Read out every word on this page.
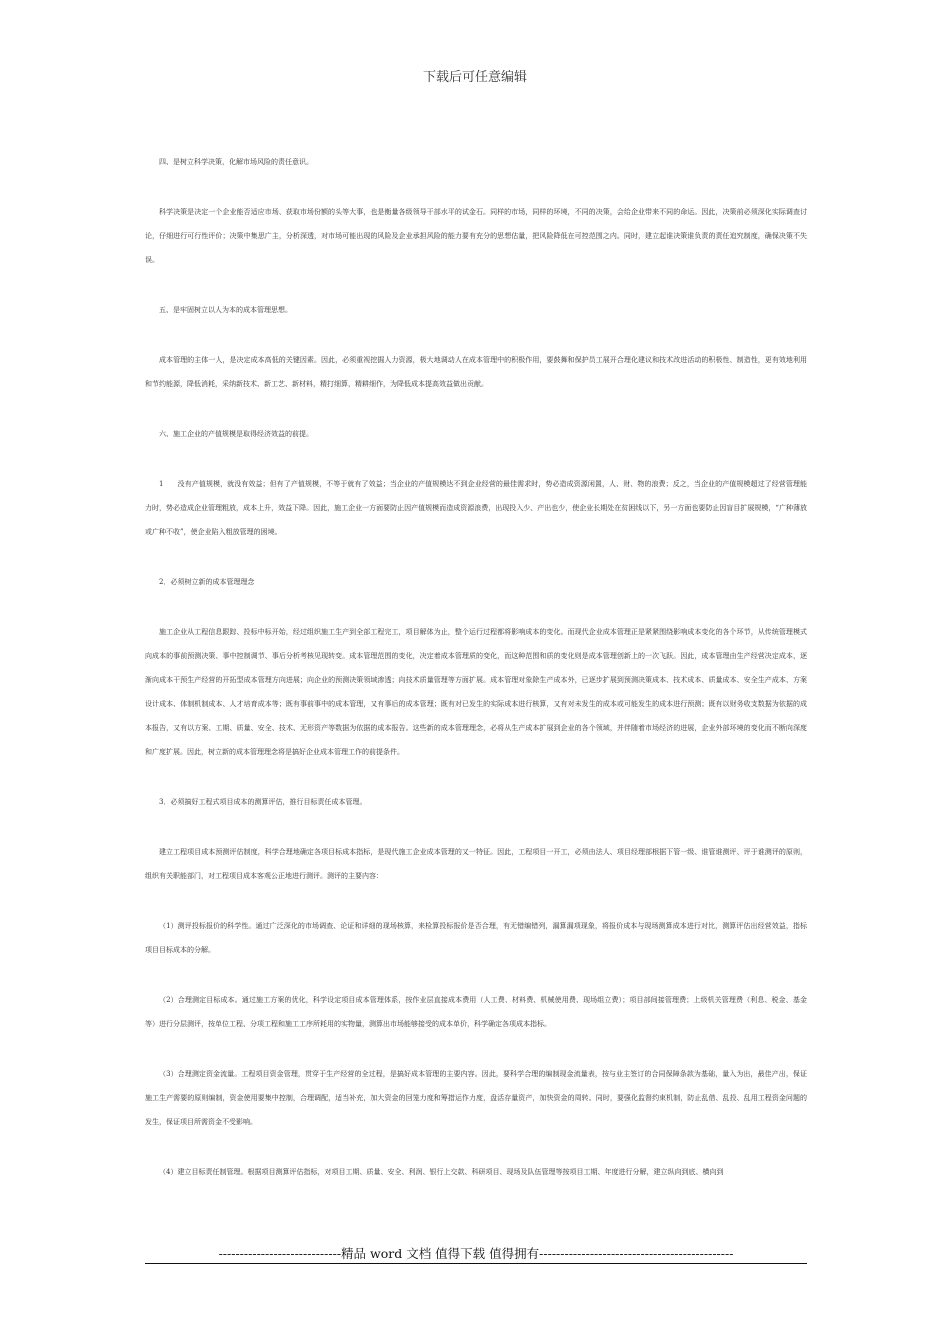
下载后可任意编辑

四、是树立科学决策，化解市场风险的责任意识。

科学决策是决定一个企业能否适应市场、获取市场份额的头等大事，也是衡量各级领导干部水平的试金石。同样的市场，同样的环境，不同的决策，会给企业带来不同的命运。因此，决策前必须深化实际调查讨论，仔细进行可行性评价；决策中集思广主，分析深透，对市场可能出现的风险及企业承担风险的能力要有充分的思想估量，把风险降低在可控范围之内。同时，建立起谁决策谁负责的责任追究制度，确保决策不失误。

五、是牢固树立以人为本的成本管理思想。

成本管理的主体一人，是决定成本高低的关键因素。因此，必须重视挖掘人力资源，极大地调动人在成本管理中的积极作用，要鼓舞和保护员工展开合理化建议和技术改进活动的积极性、制造性，更有效地利用和节约能源，降低消耗，采纳新技术、新工艺、新材料，精打细算，精耕细作，为降低成本提高效益做出贡献。

六、施工企业的产值规模是取得经济效益的前提。

1　　没有产值规模，就没有效益；但有了产值规模，不等于就有了效益；当企业的产值规模达不到企业经营的最佳需求时，势必造成资源闲置，人、财、物的浪费；反之，当企业的产值规模超过了经营管理能力时，势必造成企业管理粗放，成本上升，效益下降。因此，施工企业一方面要防止因产值规模而造成资源浪费，出现投入少、产出也少，使企业长期处在贫困线以下，另一方面也要防止因盲目扩展规模，“广种薄放或广种不收”，使企业陷入粗放管理的困境。

2．必须树立新的成本管理理念

施工企业从工程信息跟踪、投标中标开始，经过组织施工生产到全部工程完工，项目解体为止，整个运行过程都将影响成本的变化。而现代企业成本管理正是紧紧围绕影响成本变化的各个环节，从传统管理模式向成本的事前预测决策、事中控制调节、事后分析考核见现转变。成本管理范围的变化，决定着成本管理质的变化，而这种范围和质的变化则是成本管理创新上的一次飞跃。因此，成本管理由生产经营决定成本，逐渐向成本干预生产经营的开拓型成本管理方向进展；向企业的预测决策领域渗透；向技术质量管理等方面扩展。成本管理对象除生产成本外，已逐步扩展到预测决策成本、技术成本、质量成本、安全生产成本、方案设计成本、体制机制成本、人才培育成本等；既有事前事中的成本管理，又有事后的成本管理；既有对已发生的实际成本进行核算，又有对未发生的成本或可能发生的成本进行预测；既有以财务收支数据为依据的成本报告，又有以方案、工期、质量、安全、技术、无形资产等数据为依据的成本报告。这些新的成本管理理念，必将从生产成本扩展到企业的各个领域，并伴随着市场经济的进展，企业外部环境的变化而不断向深度和广度扩展。因此，树立新的成本管理理念将是搞好企业成本管理工作的前提条件。

3．必须搞好工程式项目成本的测算评估，推行目标责任成本管理。

建立工程项目成本预测评估制度，科学合理地确定各项目标成本指标，是现代施工企业成本管理的又一特征。因此，工程项目一开工，必须由法人、项目经理部根据下管一级、谁管谁测评、评于谁测评的原则，组织有关职能部门，对工程项目成本客观公正地进行测评。测评的主要内容：

（1）测评投标报价的科学性。通过广泛深化的市场调查、论证和详细的现场核算，来检算投标报价是否合理，有无错编错列，漏算漏项现象，将报价成本与现场测算成本进行对比，测算评估出经营效益，指标项目目标成本的分解。

（2）合理测定目标成本。通过施工方案的优化，科学设定项目成本管理体系，按作业层直接成本费用（人工费、材料费、机械使用费、现场组立费）；项目部间接管理费；上级机关管理费（利息、税金、基金等）进行分层测评，按单位工程、分项工程和施工工序所耗用的实物量，测算出市场能够接受的成本单价，科学确定各项成本指标。

（3）合理测定资金流量。工程项目资金管理，贯穿于生产经营的全过程，是搞好成本管理的主要内容。因此，要科学合理的编制现金流量表，按与业主签订的合同保障条款为基础，量入为出，最佳产出，保证施工生产需要的原则编制，资金使用要集中控制，合理调配，适当补充，加大资金的回笼力度和筹措运作力度，盘活存量资产，加快资金的周转。同时，要强化监督约束机制，防止乱借、乱投、乱用工程资金问题的发生，保证项目所需资金不受影响。

（4）建立目标责任制管理。根据项目测算评估指标，对项目工期、质量、安全、利润、银行上交款、科研项目、现场及队伍管理等按项目工期、年度进行分解，建立纵向到底、横向到

-----------------------------精品 word 文档 值得下载 值得拥有----------------------------------------------
